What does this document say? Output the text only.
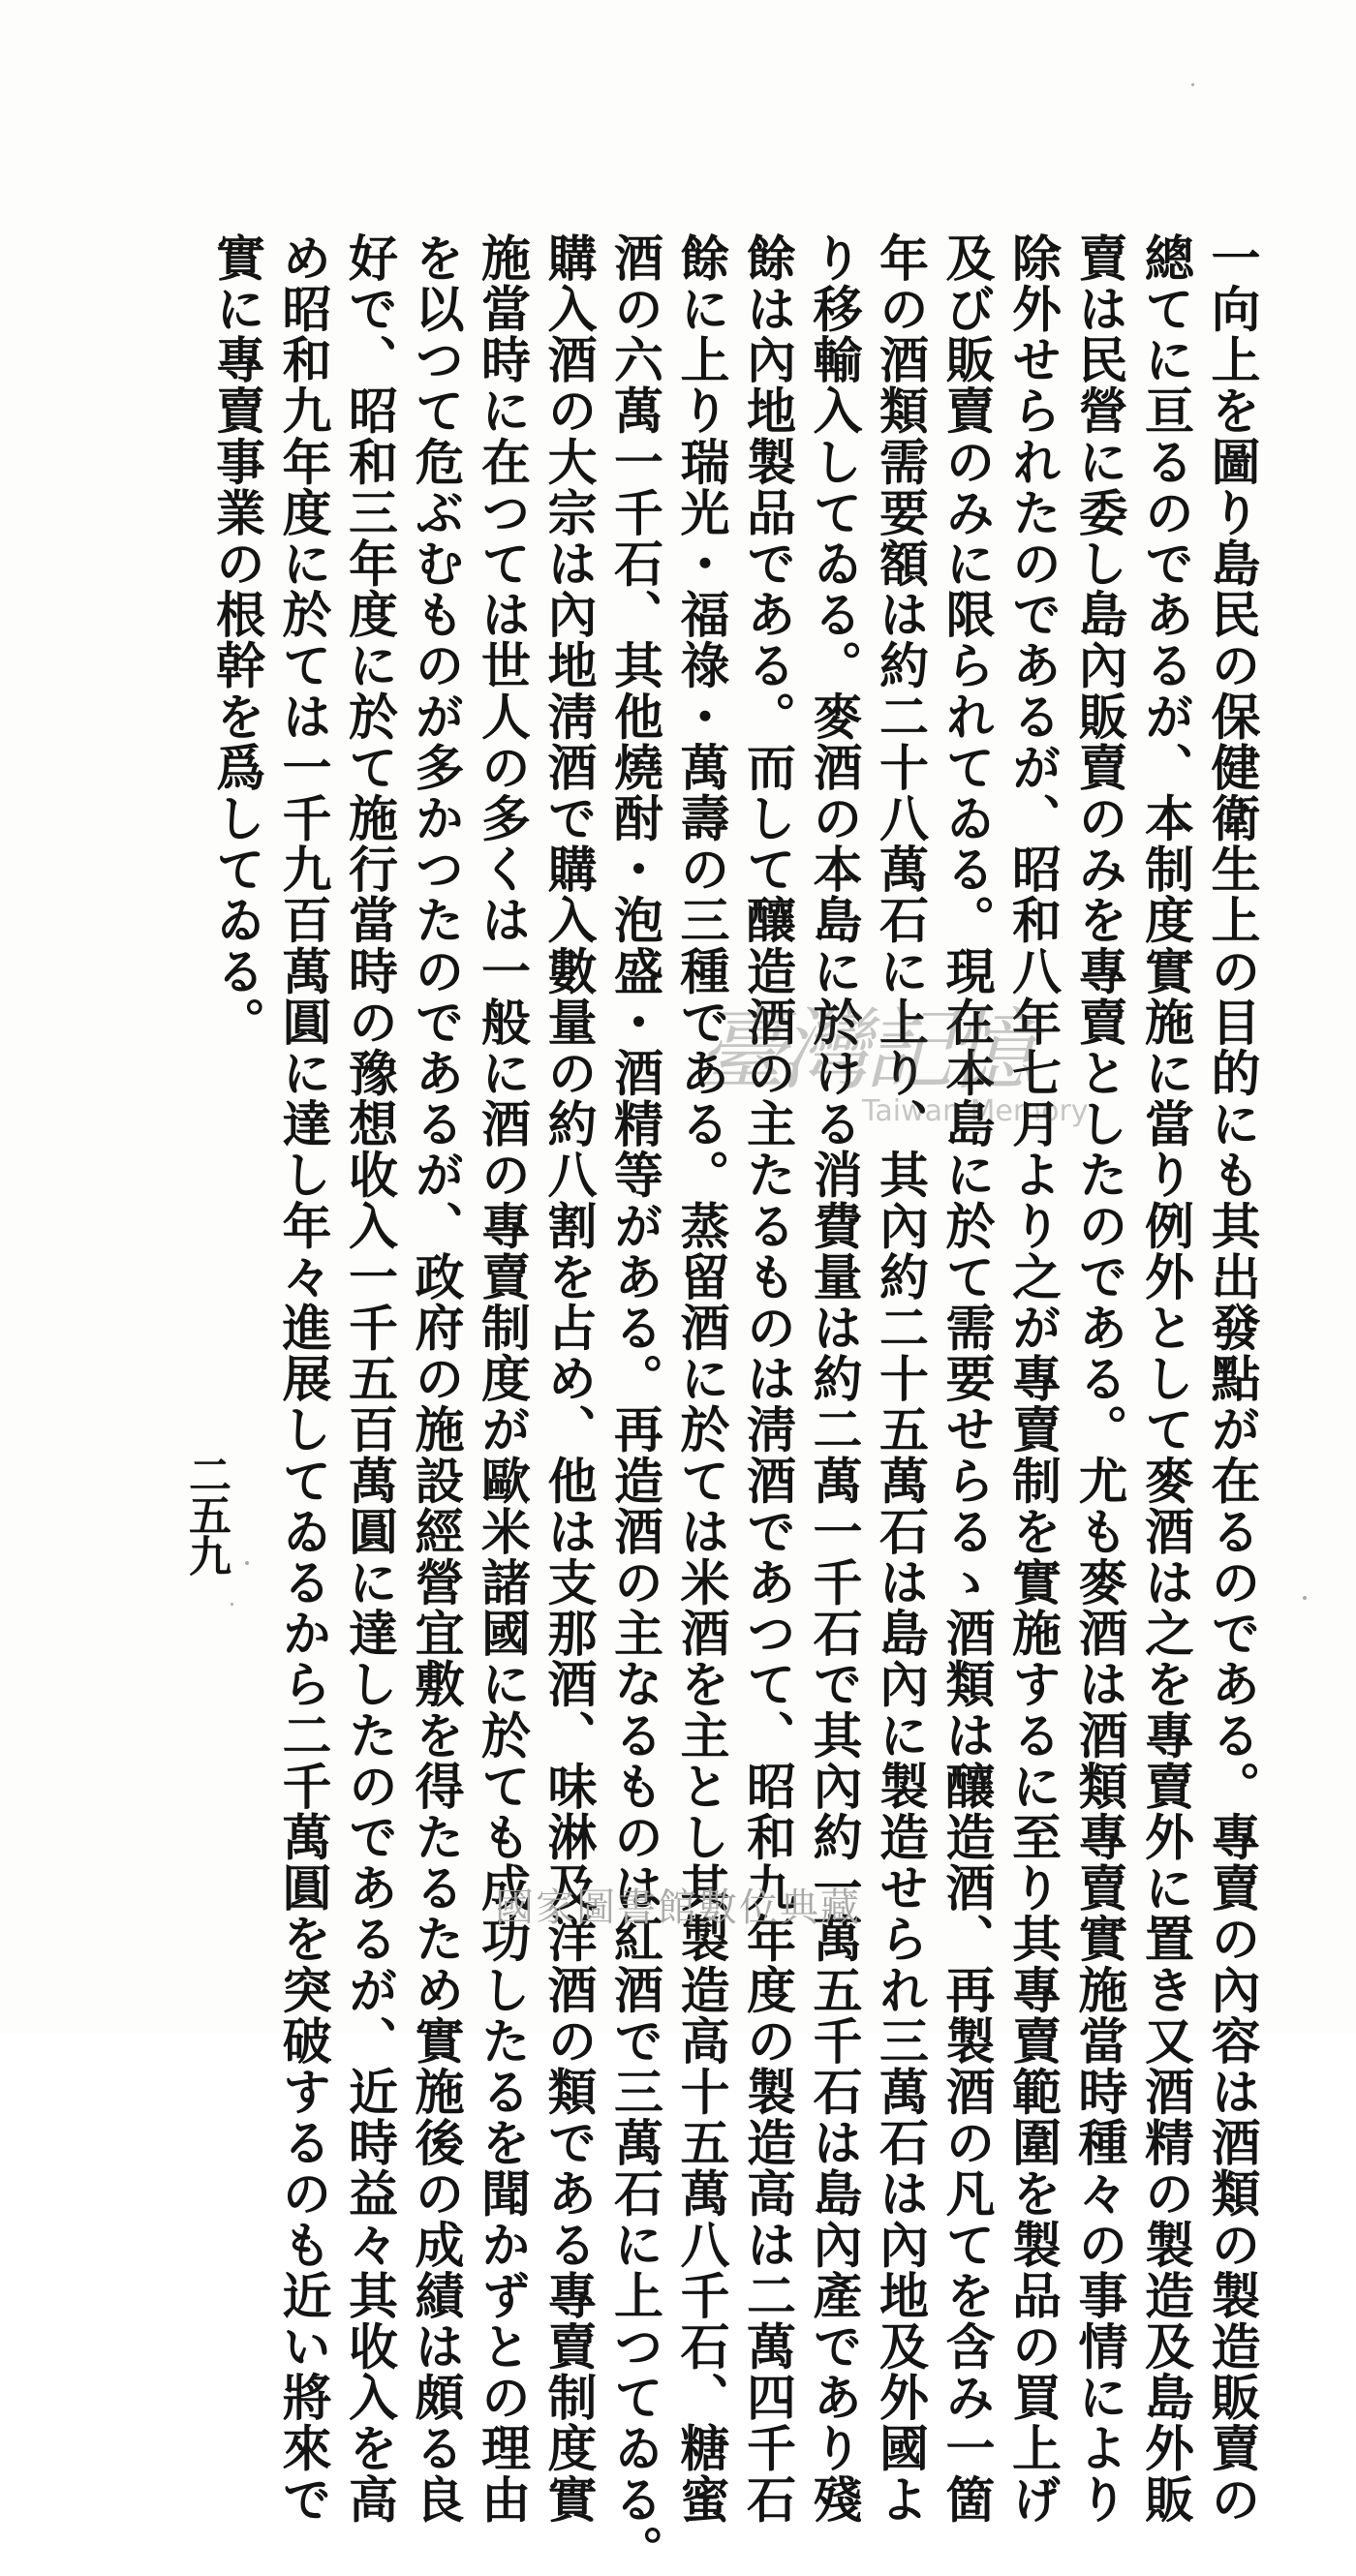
一向上を圖り島民の保健衛生上の目的にも其出發點が在るのである。專賣の內容は酒類の製造販賣の
總てに亘るのであるが、本制度實施に當り例外として麥酒は之を專賣外に置き又酒精の製造及島外販
賣は民營に委し島內販賣のみを專賣としたのである。尤も麥酒は酒類專賣實施當時種々の事情により
除外せられたのであるが、昭和八年七月より之が專賣制を實施するに至り其專賣範圍を製品の買上げ
及び販賣のみに限られてゐる。現在本島に於て需要せらるゝ酒類は釀造酒、再製酒の凡てを含み一箇
年の酒類需要額は約二十八萬石に上り、其內約二十五萬石は島內に製造せられ三萬石は內地及外國よ
り移輸入してゐる。麥酒の本島に於ける消費量は約二萬一千石で其內約一萬五千石は島內產であり殘
餘は內地製品である。而して釀造酒の主たるものは淸酒であつて、昭和九年度の製造高は二萬四千石
餘に上り瑞光・福祿・萬壽の三種である。蒸留酒に於ては米酒を主とし其製造高十五萬八千石、糖蜜
酒の六萬一千石、其他燒酎・泡盛・酒精等がある。再造酒の主なるものは紅酒で三萬石に上つてゐる。
購入酒の大宗は內地淸酒で購入數量の約八割を占め、他は支那酒、味淋及洋酒の類である專賣制度實
施當時に在つては世人の多くは一般に酒の專賣制度が歐米諸國に於ても成功したるを聞かずとの理由
を以つて危ぶむものが多かつたのであるが、政府の施設經營宜敷を得たるため實施後の成績は頗る良
好で、昭和三年度に於て施行當時の豫想收入一千五百萬圓に達したのであるが、近時益々其收入を高
め昭和九年度に於ては一千九百萬圓に達し年々進展してゐるから二千萬圓を突破するのも近い將來で
實に專賣事業の根幹を爲してゐる。
二五九
臺灣記憶
Taiwan Memory
國家圖書館數位典藏
